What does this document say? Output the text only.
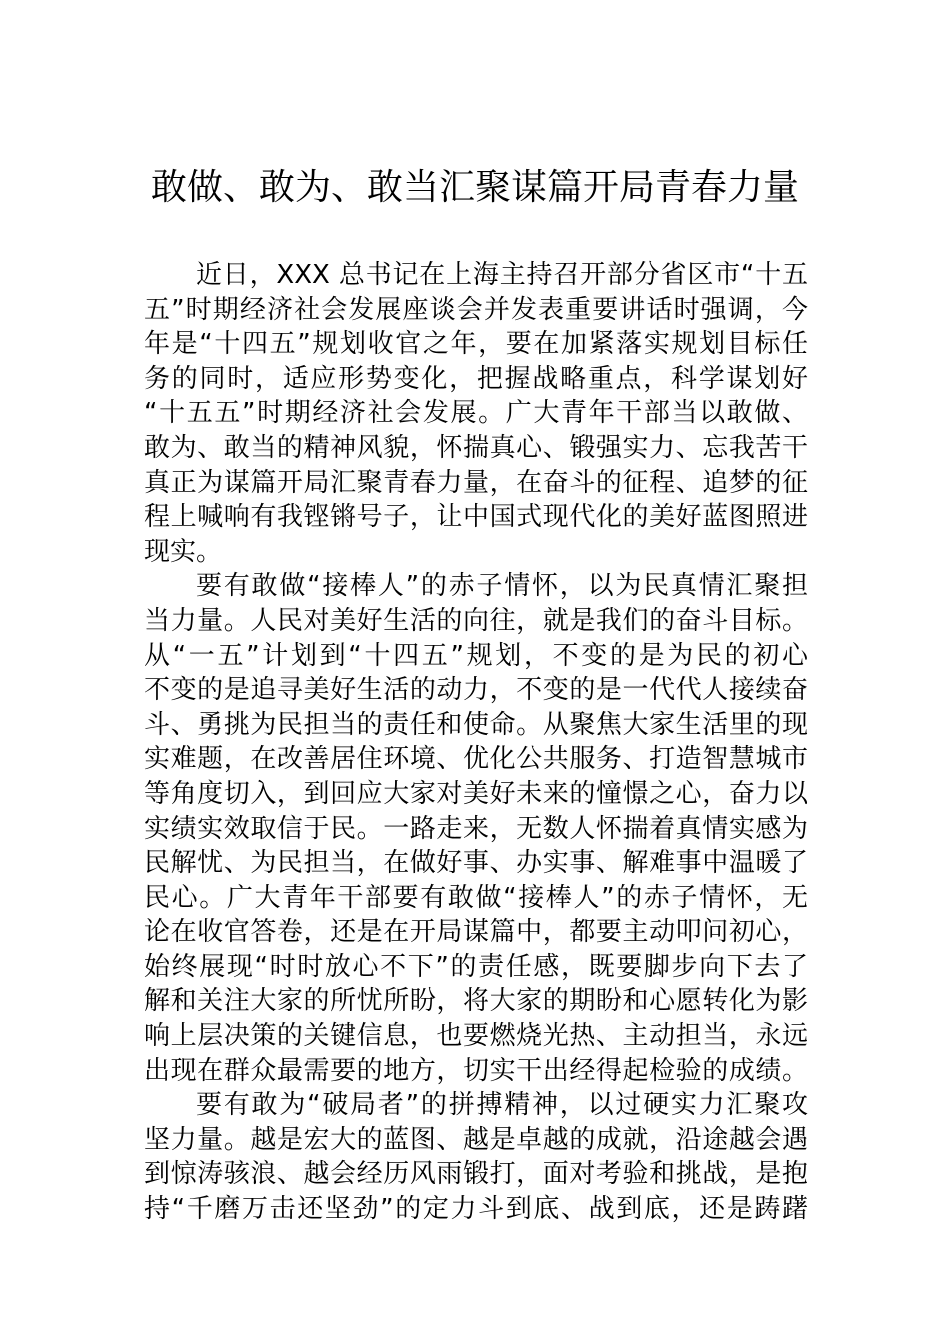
敢做、敢为、敢当汇聚谋篇开局青春力量
近日，XXX 总书记在上海主持召开部分省区市“十五
五”时期经济社会发展座谈会并发表重要讲话时强调，今
年是“十四五”规划收官之年，要在加紧落实规划目标任
务的同时，适应形势变化，把握战略重点，科学谋划好
“十五五”时期经济社会发展。广大青年干部当以敢做、
敢为、敢当的精神风貌，怀揣真心、锻强实力、忘我苦干
真正为谋篇开局汇聚青春力量，在奋斗的征程、追梦的征
程上喊响有我铿锵号子，让中国式现代化的美好蓝图照进
现实。
要有敢做“接棒人”的赤子情怀，以为民真情汇聚担
当力量。人民对美好生活的向往，就是我们的奋斗目标。
从“一五”计划到“十四五”规划，不变的是为民的初心
不变的是追寻美好生活的动力，不变的是一代代人接续奋
斗、勇挑为民担当的责任和使命。从聚焦大家生活里的现
实难题，在改善居住环境、优化公共服务、打造智慧城市
等角度切入，到回应大家对美好未来的憧憬之心，奋力以
实绩实效取信于民。一路走来，无数人怀揣着真情实感为
民解忧、为民担当，在做好事、办实事、解难事中温暖了
民心。广大青年干部要有敢做“接棒人”的赤子情怀，无
论在收官答卷，还是在开局谋篇中，都要主动叩问初心，
始终展现“时时放心不下”的责任感，既要脚步向下去了
解和关注大家的所忧所盼，将大家的期盼和心愿转化为影
响上层决策的关键信息，也要燃烧光热、主动担当，永远
出现在群众最需要的地方，切实干出经得起检验的成绩。
要有敢为“破局者”的拼搏精神，以过硬实力汇聚攻
坚力量。越是宏大的蓝图、越是卓越的成就，沿途越会遇
到惊涛骇浪、越会经历风雨锻打，面对考验和挑战，是抱
持“千磨万击还坚劲”的定力斗到底、战到底，还是踌躇
